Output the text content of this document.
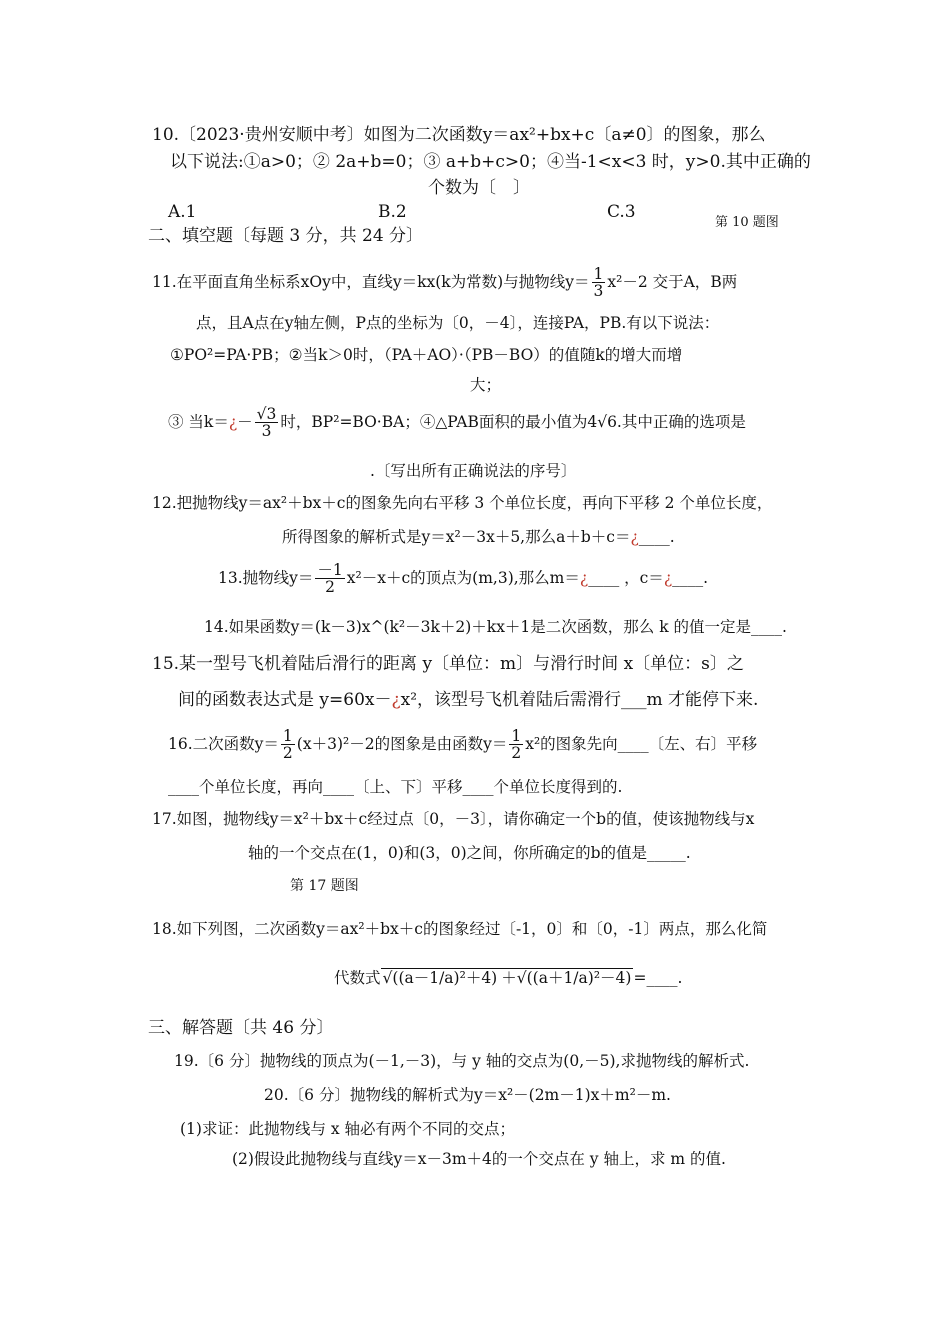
10.〔2023·贵州安顺中考〕如图为二次函数y＝ax²+bx+c〔a≠0〕的图象，那么
以下说法:①a>0；② 2a+b=0；③ a+b+c>0；④当-1<x<3 时，y>0.其中正确的
个数为〔　〕
A.1	B.2	C.3
第 10 题图
二、填空题〔每题 3 分，共 24 分〕
11.在平面直角坐标系xOy中，直线y＝kx(k为常数)与抛物线$y= \frac{1}{3} x^2-2$ 交于A，B两
点，且A点在y轴左侧，P点的坐标为〔0，－4〕，连接PA，PB.有以下说法：
①PO²=PA·PB；②当k＞0时，（PA＋AO）·（PB－BO）的值随k的增大而增
大；
③ 当k＝¿－ $\frac{√3}{3}$ 时，BP²=BO·BA；④△PAB面积的最小值为4√6.其中正确的选项是
.〔写出所有正确说法的序号〕
12.把抛物线y＝ax²＋bx＋c的图象先向右平移 3 个单位长度，再向下平移 2 个单位长度，
所得图象的解析式是y＝x²－3x＋5,那么a＋b＋c＝¿____.
13.抛物线$y= \frac{-1}{2} x^2-x+c$的顶点为(m,3),那么m＝¿____ ，c＝¿____.
14.如果函数y＝(k－3)x^(k²－3k＋2)＋kx＋1是二次函数，那么 k 的值一定是____.
15.某一型号飞机着陆后滑行的距离 y〔单位：m〕与滑行时间 x〔单位：s〕之
间的函数表达式是 y=60x－¿x²，该型号飞机着陆后需滑行___m 才能停下来.
16.二次函数$y= \frac{1}{2} (x+3)^2-2$的图象是由函数$y= \frac{1}{2} x^2$的图象先向____〔左、右〕平移
____个单位长度，再向____〔上、下〕平移____个单位长度得到的.
17.如图，抛物线y＝x²＋bx＋c经过点〔0，－3〕，请你确定一个b的值，使该抛物线与x
轴的一个交点在(1，0)和(3，0)之间，你所确定的b的值是_____.
第 17 题图
18.如下列图，二次函数y＝ax²＋bx＋c的图象经过〔-1，0〕和〔0，-1〕两点，那么化简
代数式 √((a－1/a)²＋4) ＋√((a＋1/a)²－4) =____.
三、解答题〔共 46 分〕
19.〔6 分〕抛物线的顶点为(－1,－3)，与 y 轴的交点为(0,－5),求抛物线的解析式.
20.〔6 分〕抛物线的解析式为y＝x²－(2m－1)x＋m²－m.
(1)求证：此抛物线与 x 轴必有两个不同的交点；
(2)假设此抛物线与直线y＝x－3m＋4的一个交点在 y 轴上，求 m 的值.
